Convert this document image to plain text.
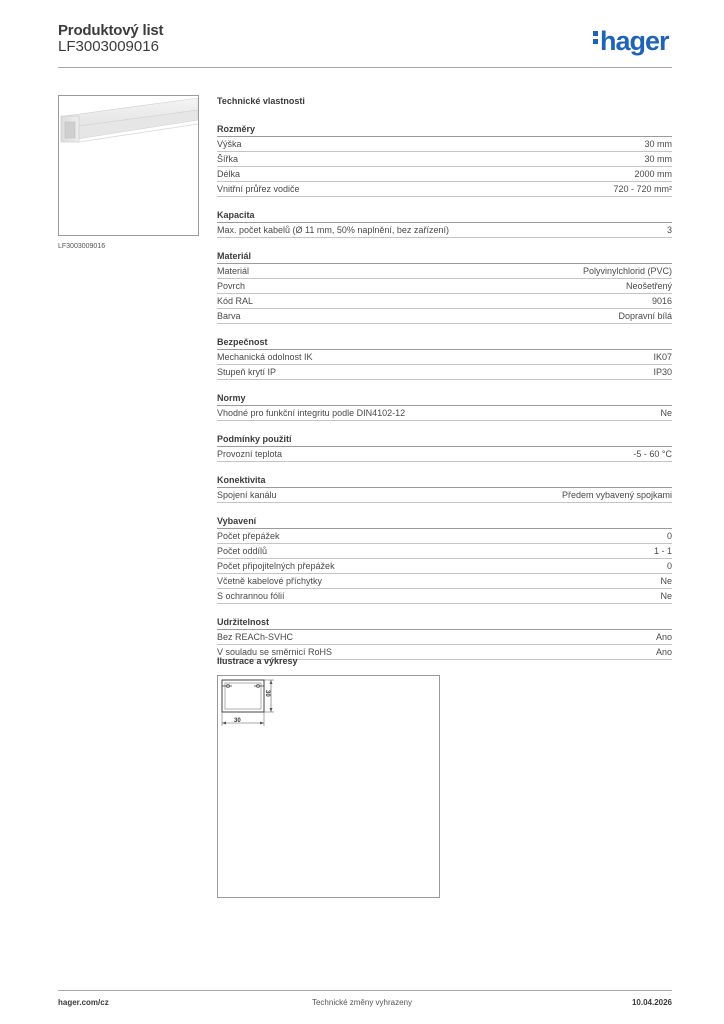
Produktový list
LF3003009016	hager
LF3003009016
Technické vlastnosti
Rozměry
Výška	30 mm
Šířka	30 mm
Délka	2000 mm
Vnitřní průřez vodiče	720 - 720 mm²
Kapacita
Max. počet kabelů (Ø 11 mm, 50% naplnění, bez zařízení)	3
Materiál
Materiál	Polyvinylchlorid (PVC)
Povrch	Neošetřený
Kód RAL	9016
Barva	Dopravní bílá
Bezpečnost
Mechanická odolnost IK	IK07
Stupeň krytí IP	IP30
Normy
Vhodné pro funkční integritu podle DIN4102-12	Ne
Podmínky použití
Provozní teplota	-5 - 60 °C
Konektivita
Spojení kanálu	Předem vybavený spojkami
Vybavení
Počet přepážek	0
Počet oddílů	1 - 1
Počet připojitelných přepážek	0
Včetně kabelové příchytky	Ne
S ochrannou fólií	Ne
Udržitelnost
Bez REACh-SVHC	Ano
V souladu se směrnicí RoHS	Ano
Ilustrace a výkresy
30
30
hager.com/cz	Technické změny vyhrazeny	10.04.2026
